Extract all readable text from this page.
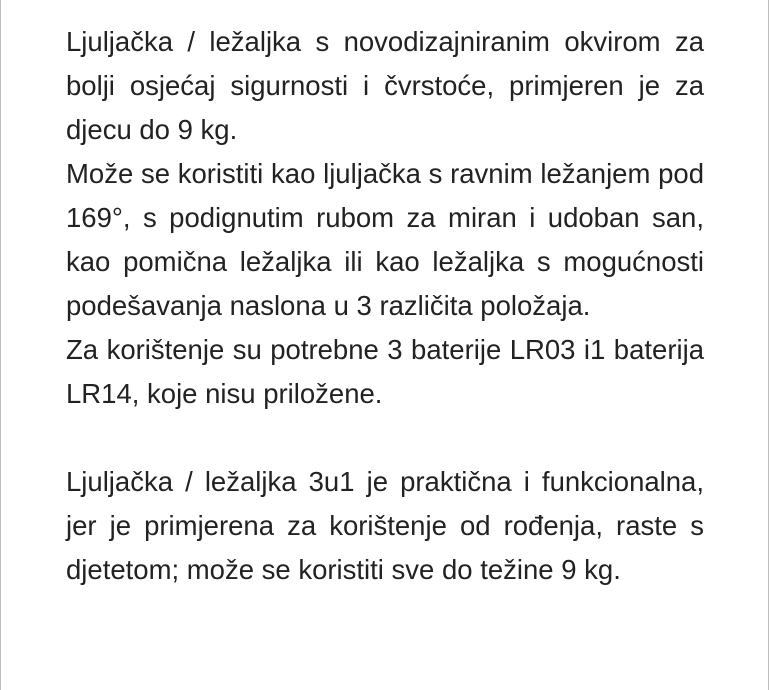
Ljuljačka / ležaljka s novodizajniranim okvirom za bolji osjećaj sigurnosti i čvrstoće, primjeren je za djecu do 9 kg.

Može se koristiti kao ljuljačka s ravnim ležanjem pod 169°, s podignutim rubom za miran i udoban san, kao pomična ležaljka ili kao ležaljka s mogućnosti podešavanja naslona u 3 različita položaja.

Za korištenje su potrebne 3 baterije LR03 i1 baterija LR14, koje nisu priložene.

Ljuljačka / ležaljka 3u1 je praktična i funkcionalna, jer je primjerena za korištenje od rođenja, raste s djetetom; može se koristiti sve do težine 9 kg.
